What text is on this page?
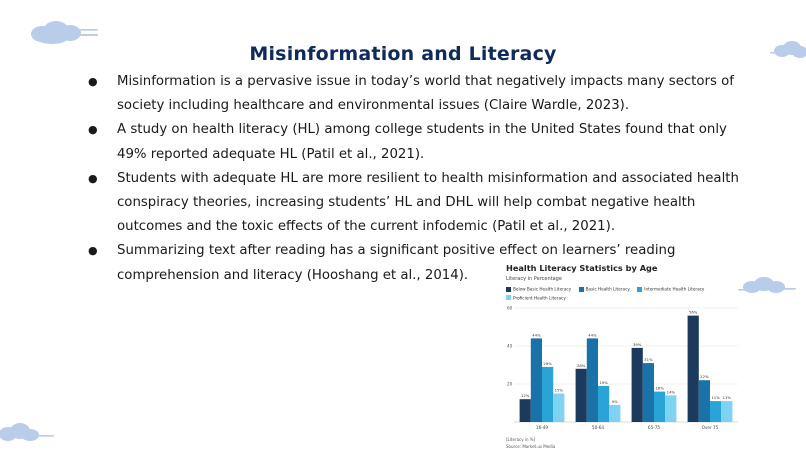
Misinformation and Literacy
● Misinformation is a pervasive issue in today’s world that negatively impacts many sectors of society including healthcare and environmental issues (Claire Wardle, 2023).
● A study on health literacy (HL) among college students in the United States found that only 49% reported adequate HL (Patil et al., 2021).
● Students with adequate HL are more resilient to health misinformation and associated health conspiracy theories, increasing students’ HL and DHL will help combat negative health outcomes and the toxic effects of the current infodemic (Patil et al., 2021).
● Summarizing text after reading has a significant positive effect on learners’ reading comprehension and literacy (Hooshang et al., 2014).	Health Literacy Statistics by Age
Literacy in Percentage
Below Basic Health Literacy	Basic Health Literacy	Intermediate Health Literacy Proficient Health Literacy
20
40
60
12%
44%
29%
15%
16-49
28%
44%
19%
9%
50-64
39%
31%
16%
14%
65-75
56%
22%
11% 11%
Over 75
[Literacy in %]
Source: Market.us Media
